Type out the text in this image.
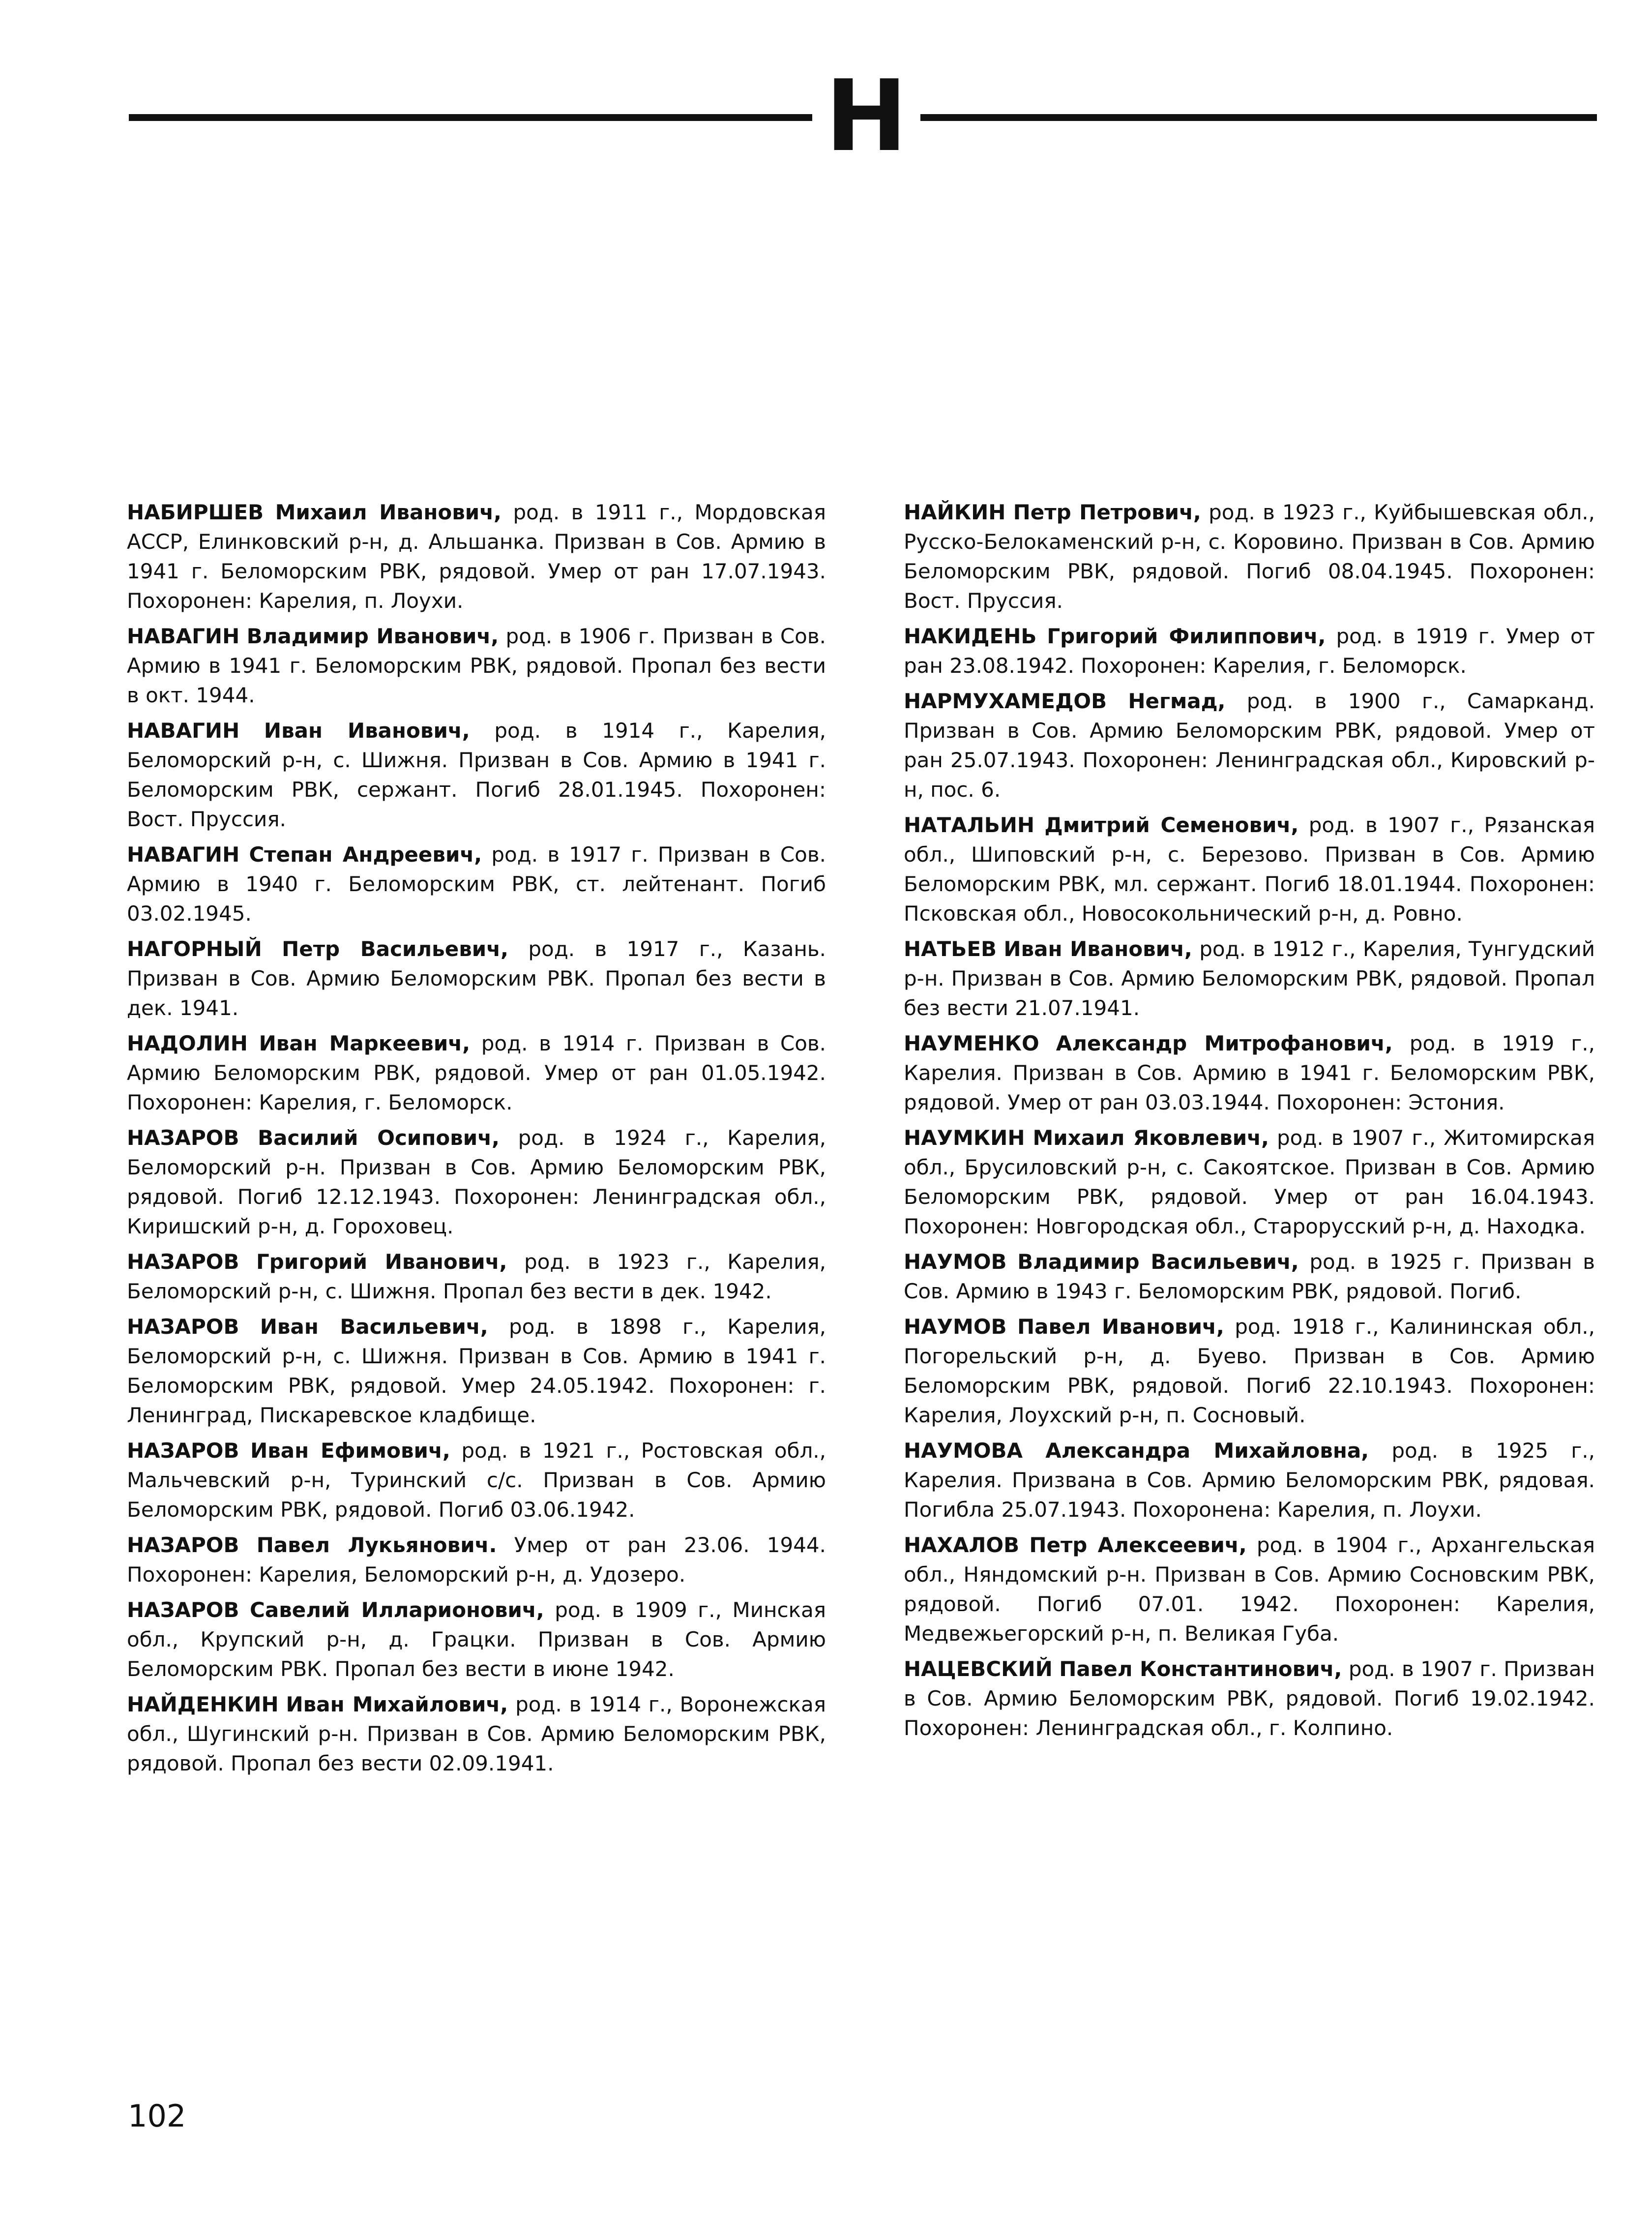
Н

НАБИРШЕВ Михаил Иванович, род. в 1911 г., Мордовская АССР, Елинковский р-н, д. Альшанка. Призван в Сов. Армию в 1941 г. Беломорским РВК, рядовой. Умер от ран 17.07.1943. Похоронен: Карелия, п. Лоухи.

НАВАГИН Владимир Иванович, род. в 1906 г. Призван в Сов. Армию в 1941 г. Беломорским РВК, рядовой. Пропал без вести в окт. 1944.

НАВАГИН Иван Иванович, род. в 1914 г., Карелия, Беломорский р-н, с. Шижня. Призван в Сов. Армию в 1941 г. Беломорским РВК, сержант. Погиб 28.01.1945. Похоронен: Вост. Пруссия.

НАВАГИН Степан Андреевич, род. в 1917 г. Призван в Сов. Армию в 1940 г. Беломорским РВК, ст. лейтенант. Погиб 03.02.1945.

НАГОРНЫЙ Петр Васильевич, род. в 1917 г., Казань. Призван в Сов. Армию Беломорским РВК. Пропал без вести в дек. 1941.

НАДОЛИН Иван Маркеевич, род. в 1914 г. Призван в Сов. Армию Беломорским РВК, рядовой. Умер от ран 01.05.1942. Похоронен: Карелия, г. Беломорск.

НАЗАРОВ Василий Осипович, род. в 1924 г., Карелия, Беломорский р-н. Призван в Сов. Армию Беломорским РВК, рядовой. Погиб 12.12.1943. Похоронен: Ленинградская обл., Киришский р-н, д. Гороховец.

НАЗАРОВ Григорий Иванович, род. в 1923 г., Карелия, Беломорский р-н, с. Шижня. Пропал без вести в дек. 1942.

НАЗАРОВ Иван Васильевич, род. в 1898 г., Карелия, Беломорский р-н, с. Шижня. Призван в Сов. Армию в 1941 г. Беломорским РВК, рядовой. Умер 24.05.1942. Похоронен: г. Ленинград, Пискаревское кладбище.

НАЗАРОВ Иван Ефимович, род. в 1921 г., Ростовская обл., Мальчевский р-н, Туринский с/с. Призван в Сов. Армию Беломорским РВК, рядовой. Погиб 03.06.1942.

НАЗАРОВ Павел Лукьянович. Умер от ран 23.06. 1944. Похоронен: Карелия, Беломорский р-н, д. Удозеро.

НАЗАРОВ Савелий Илларионович, род. в 1909 г., Минская обл., Крупский р-н, д. Грацки. Призван в Сов. Армию Беломорским РВК. Пропал без вести в июне 1942.

НАЙДЕНКИН Иван Михайлович, род. в 1914 г., Воронежская обл., Шугинский р-н. Призван в Сов. Армию Беломорским РВК, рядовой. Пропал без вести 02.09.1941.

НАЙКИН Петр Петрович, род. в 1923 г., Куйбышевская обл., Русско-Белокаменский р-н, с. Коровино. Призван в Сов. Армию Беломорским РВК, рядовой. Погиб 08.04.1945. Похоронен: Вост. Пруссия.

НАКИДЕНЬ Григорий Филиппович, род. в 1919 г. Умер от ран 23.08.1942. Похоронен: Карелия, г. Беломорск.

НАРМУХАМЕДОВ Негмад, род. в 1900 г., Самарканд. Призван в Сов. Армию Беломорским РВК, рядовой. Умер от ран 25.07.1943. Похоронен: Ленинградская обл., Кировский р-н, пос. 6.

НАТАЛЬИН Дмитрий Семенович, род. в 1907 г., Рязанская обл., Шиповский р-н, с. Березово. Призван в Сов. Армию Беломорским РВК, мл. сержант. Погиб 18.01.1944. Похоронен: Псковская обл., Новосокольнический р-н, д. Ровно.

НАТЬЕВ Иван Иванович, род. в 1912 г., Карелия, Тунгудский р-н. Призван в Сов. Армию Беломорским РВК, рядовой. Пропал без вести 21.07.1941.

НАУМЕНКО Александр Митрофанович, род. в 1919 г., Карелия. Призван в Сов. Армию в 1941 г. Беломорским РВК, рядовой. Умер от ран 03.03.1944. Похоронен: Эстония.

НАУМКИН Михаил Яковлевич, род. в 1907 г., Житомирская обл., Брусиловский р-н, с. Сакоятское. Призван в Сов. Армию Беломорским РВК, рядовой. Умер от ран 16.04.1943. Похоронен: Новгородская обл., Старорусский р-н, д. Находка.

НАУМОВ Владимир Васильевич, род. в 1925 г. Призван в Сов. Армию в 1943 г. Беломорским РВК, рядовой. Погиб.

НАУМОВ Павел Иванович, род. 1918 г., Калининская обл., Погорельский р-н, д. Буево. Призван в Сов. Армию Беломорским РВК, рядовой. Погиб 22.10.1943. Похоронен: Карелия, Лоухский р-н, п. Сосновый.

НАУМОВА Александра Михайловна, род. в 1925 г., Карелия. Призвана в Сов. Армию Беломорским РВК, рядовая. Погибла 25.07.1943. Похоронена: Карелия, п. Лоухи.

НАХАЛОВ Петр Алексеевич, род. в 1904 г., Архангельская обл., Няндомский р-н. Призван в Сов. Армию Сосновским РВК, рядовой. Погиб 07.01. 1942. Похоронен: Карелия, Медвежьегорский р-н, п. Великая Губа.

НАЦЕВСКИЙ Павел Константинович, род. в 1907 г. Призван в Сов. Армию Беломорским РВК, рядовой. Погиб 19.02.1942. Похоронен: Ленинградская обл., г. Колпино.

102
